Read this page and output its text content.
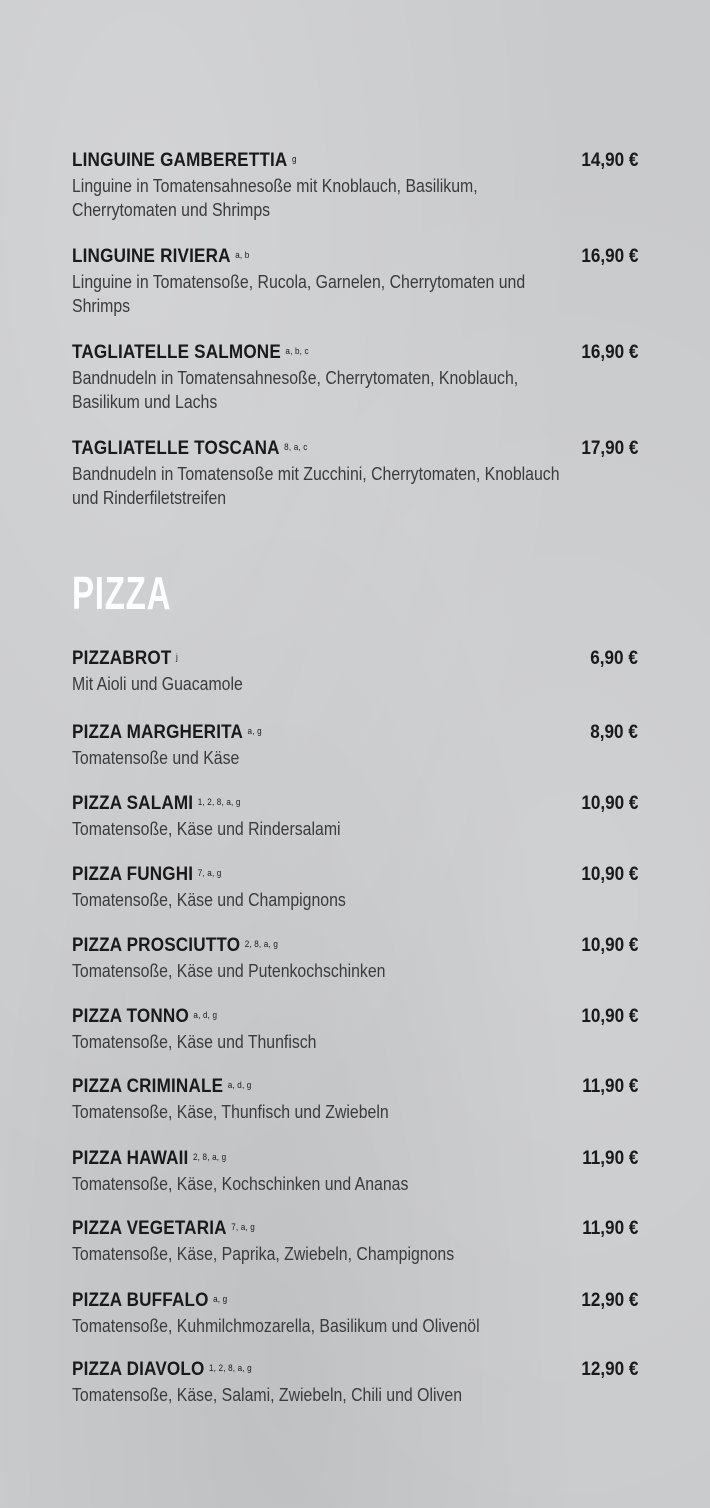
LINGUINE GAMBERETTIA $^g$	14,90 €
Linguine in Tomatensahnesoße mit Knoblauch, Basilikum, Cherrytomaten und Shrimps
LINGUINE RIVIERA $^{a, b}$	16,90 €
Linguine in Tomatensoße, Rucola, Garnelen, Cherrytomaten und Shrimps
TAGLIATELLE SALMONE $^{a, b, c}$	16,90 €
Bandnudeln in Tomatensahnesoße, Cherrytomaten, Knoblauch, Basilikum und Lachs
TAGLIATELLE TOSCANA $^{8, a, c}$	17,90 €
Bandnudeln in Tomatensoße mit Zucchini, Cherrytomaten, Knoblauch und Rinderfiletstreifen
PIZZABROT $^j$	6,90 €
Mit Aioli und Guacamole
PIZZA MARGHERITA $^{a, g}$	8,90 €
Tomatensoße und Käse
PIZZA SALAMI $^{1, 2, 8, a, g}$	10,90 €
Tomatensoße, Käse und Rindersalami
PIZZA FUNGHI $^{7, a, g}$	10,90 €
Tomatensoße, Käse und Champignons
PIZZA PROSCIUTTO $^{2, 8, a, g}$	10,90 €
Tomatensoße, Käse und Putenkochschinken
PIZZA TONNO $^{a, d, g}$	10,90 €
Tomatensoße, Käse und Thunfisch
PIZZA CRIMINALE $^{a, d, g}$	11,90 €
Tomatensoße, Käse, Thunfisch und Zwiebeln
PIZZA HAWAII $^{2, 8, a, g}$	11,90 €
Tomatensoße, Käse, Kochschinken und Ananas
PIZZA VEGETARIA $^{7, a, g}$	11,90 €
Tomatensoße, Käse, Paprika, Zwiebeln, Champignons
PIZZA BUFFALO $^{a, g}$	12,90 €
Tomatensoße, Kuhmilchmozarella, Basilikum und Olivenöl
PIZZA DIAVOLO $^{1, 2, 8, a, g}$	12,90 €
Tomatensoße, Käse, Salami, Zwiebeln, Chili und Oliven
PIZZA
